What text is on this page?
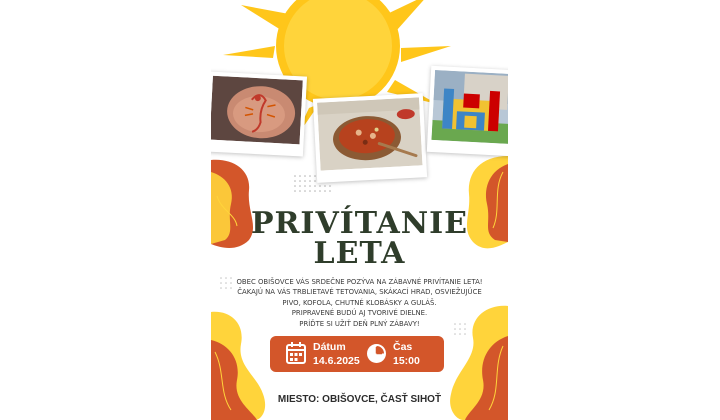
PRIVÍTANIE
LETA
OBEC OBIŠOVCE VÁS SRDEČNE POZÝVA NA ZÁBAVNÉ PRIVÍTANIE LETA!
ČAKAJÚ NA VÁS TRBLIETAVÉ TETOVANIA, SKÁKACÍ HRAD, OSVIEŽUJÚCE
PIVO, KOFOLA, CHUTNÉ KLOBÁSKY A GULÁŠ.
PRIPRAVENÉ BUDÚ AJ TVORIVÉ DIELNE.
PRÍĎTE SI UŽIŤ DEŇ PLNÝ ZÁBAVY!
Dátum
14.6.2025
Čas
15:00
MIESTO: OBIŠOVCE, ČASŤ SIHOŤ
